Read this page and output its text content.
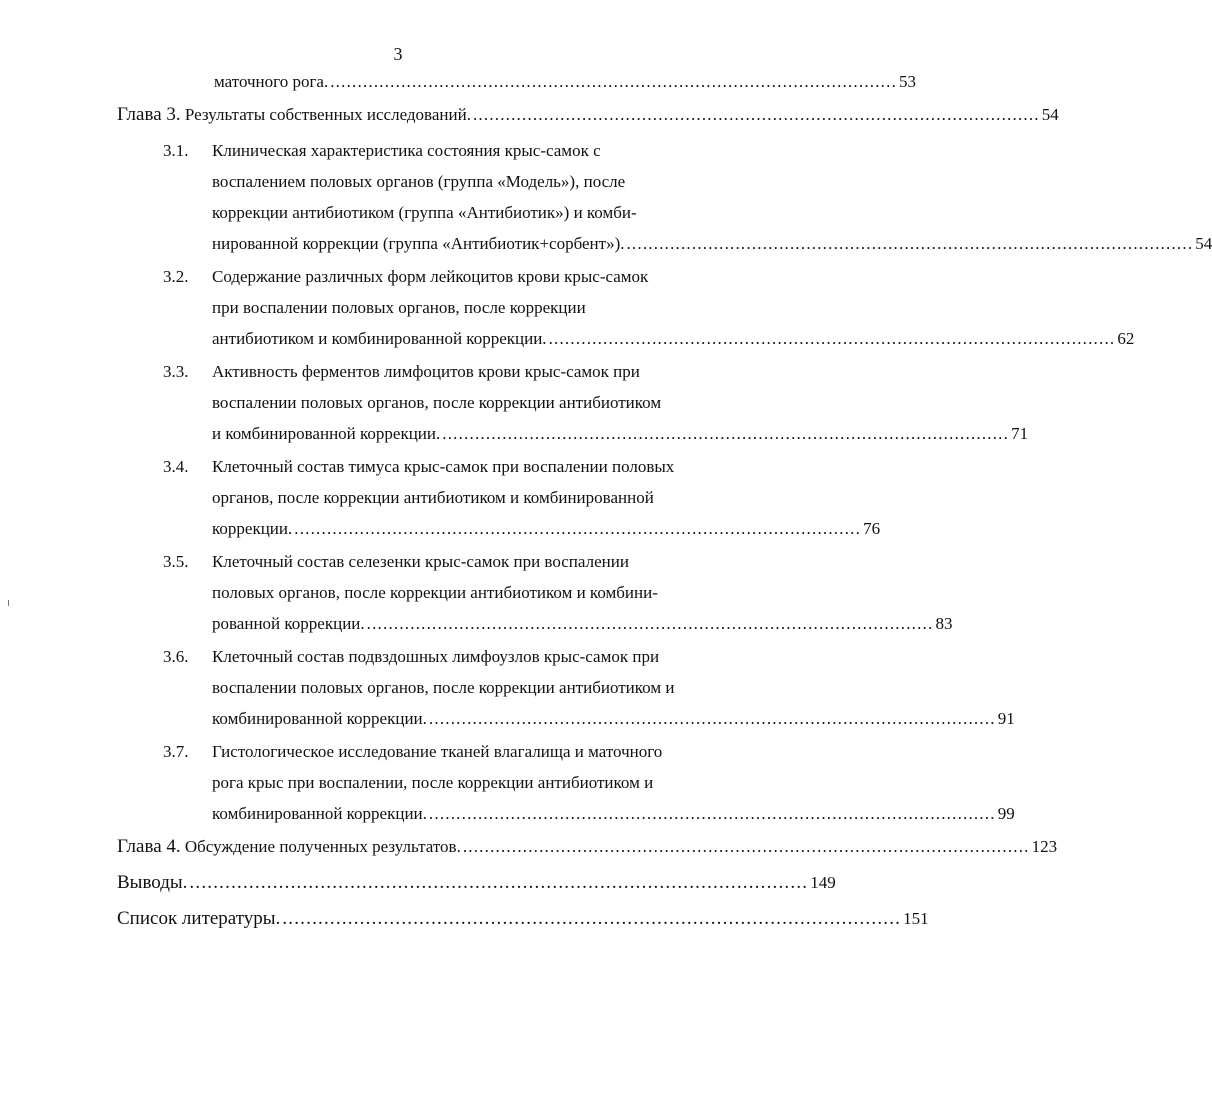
3
маточного рога. ........................................................................................................ 53
Глава 3. Результаты собственных исследований. ........................................................................................................ 54
3.1. Клиническая характеристика состояния крыс-самок с
воспалением половых органов (группа «Модель»), после
коррекции антибиотиком (группа «Антибиотик») и комби-
нированной коррекции (группа «Антибиотик+сорбент»). ........................................................................................................ 54
3.2. Содержание различных форм лейкоцитов крови крыс-самок
при воспалении половых органов, после коррекции
антибиотиком и комбинированной коррекции. ........................................................................................................ 62
3.3. Активность ферментов лимфоцитов крови крыс-самок при
воспалении половых органов, после коррекции антибиотиком
и комбинированной коррекции. ........................................................................................................ 71
3.4. Клеточный состав тимуса крыс-самок при воспалении половых
органов, после коррекции антибиотиком и комбинированной
коррекции. ........................................................................................................ 76
3.5. Клеточный состав селезенки крыс-самок при воспалении
половых органов, после коррекции антибиотиком и комбини-
рованной коррекции. ........................................................................................................ 83
3.6. Клеточный состав подвздошных лимфоузлов крыс-самок при
воспалении половых органов, после коррекции антибиотиком и
комбинированной коррекции. ........................................................................................................ 91
3.7. Гистологическое исследование тканей влагалища и маточного
рога крыс при воспалении, после коррекции антибиотиком и
комбинированной коррекции. ........................................................................................................ 99
Глава 4. Обсуждение полученных результатов. ........................................................................................................ 123
Выводы. ........................................................................................................ 149
Список литературы. ........................................................................................................ 151
